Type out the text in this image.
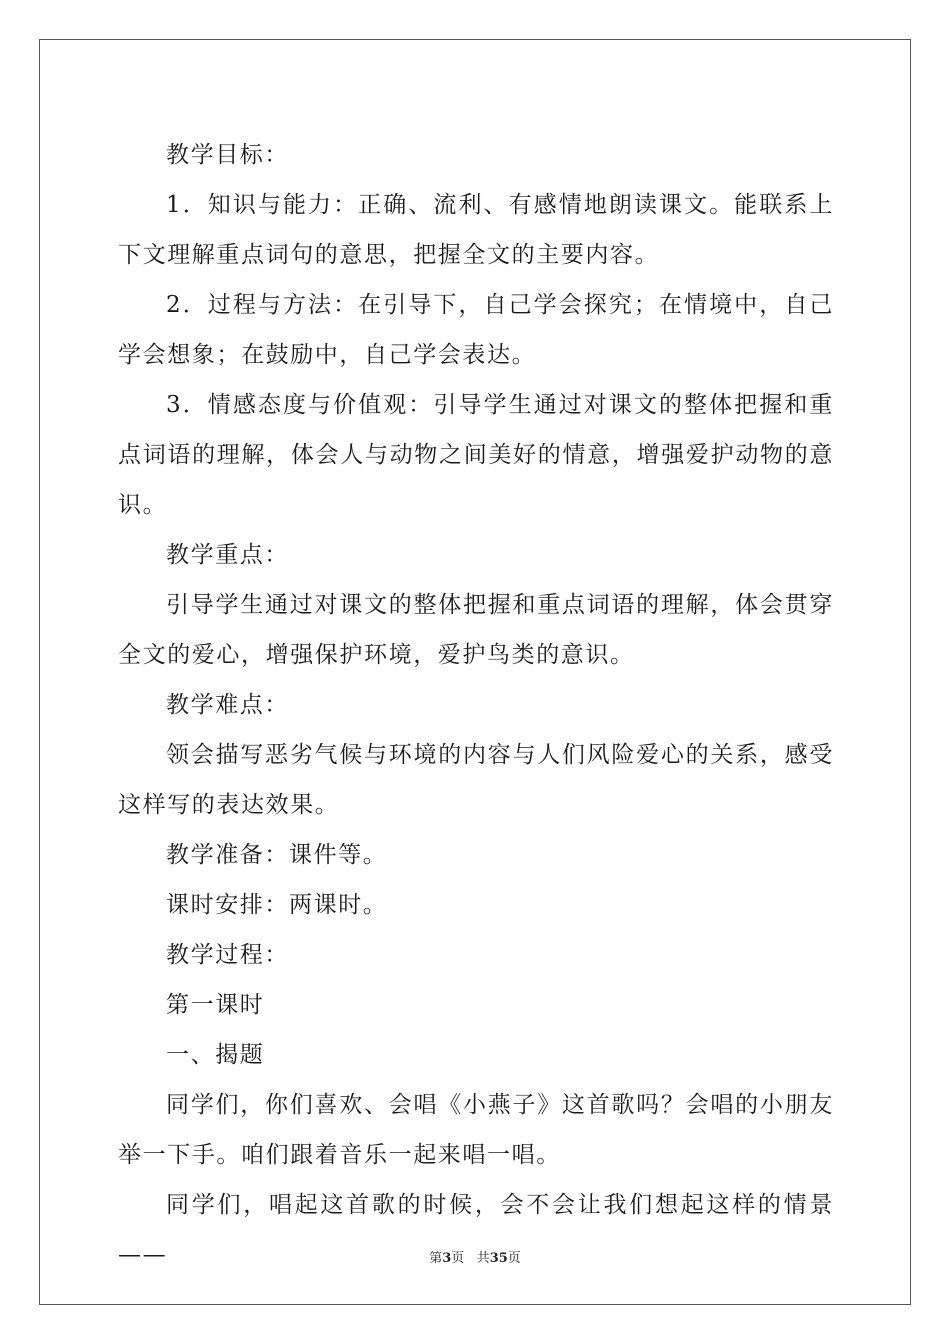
教学目标：

1．知识与能力：正确、流利、有感情地朗读课文。能联系上下文理解重点词句的意思，把握全文的主要内容。

2．过程与方法：在引导下，自己学会探究；在情境中，自己学会想象；在鼓励中，自己学会表达。

3．情感态度与价值观：引导学生通过对课文的整体把握和重点词语的理解，体会人与动物之间美好的情意，增强爱护动物的意识。

教学重点：

引导学生通过对课文的整体把握和重点词语的理解，体会贯穿全文的爱心，增强保护环境，爱护鸟类的意识。

教学难点：

领会描写恶劣气候与环境的内容与人们风险爱心的关系，感受这样写的表达效果。

教学准备：课件等。

课时安排：两课时。

教学过程：

第一课时

一、揭题

同学们，你们喜欢、会唱《小燕子》这首歌吗？会唱的小朋友举一下手。咱们跟着音乐一起来唱一唱。

同学们，唱起这首歌的时候，会不会让我们想起这样的情景——	第3页 共35页
